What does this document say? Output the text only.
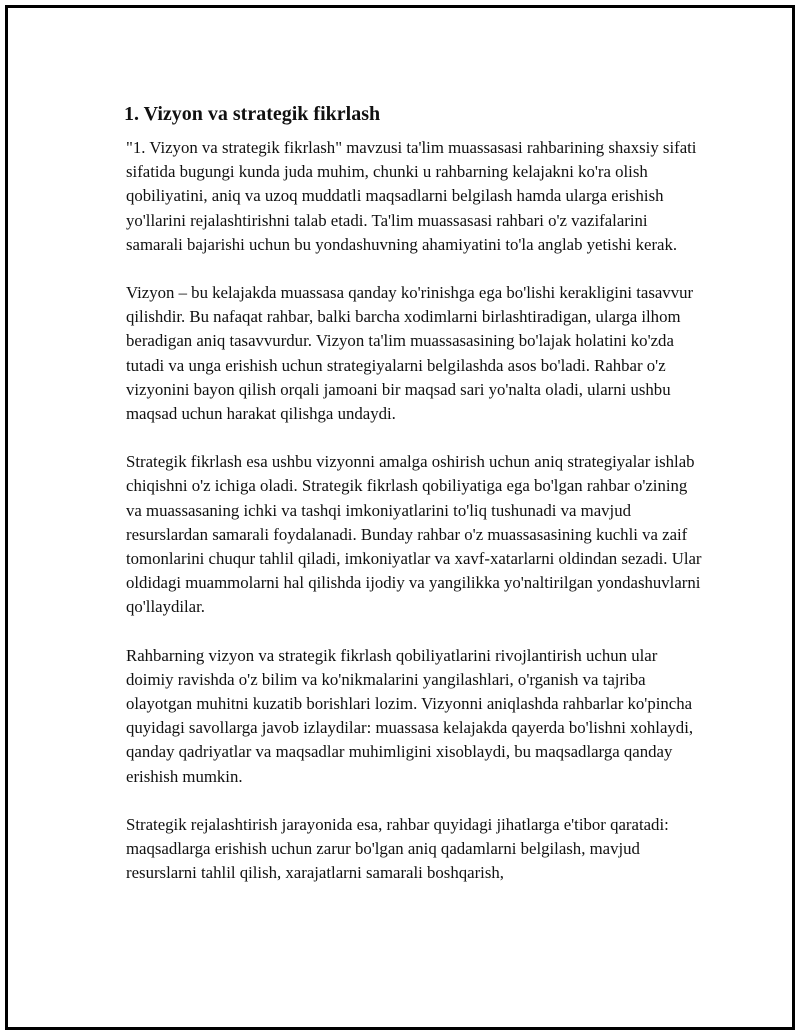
1. Vizyon va strategik fikrlash

"1. Vizyon va strategik fikrlash" mavzusi ta'lim muassasasi rahbarining shaxsiy sifati sifatida bugungi kunda juda muhim, chunki u rahbarning kelajakni ko'ra olish qobiliyatini, aniq va uzoq muddatli maqsadlarni belgilash hamda ularga erishish yo'llarini rejalashtirishni talab etadi. Ta'lim muassasasi rahbari o'z vazifalarini samarali bajarishi uchun bu yondashuvning ahamiyatini to'la anglab yetishi kerak.

Vizyon – bu kelajakda muassasa qanday ko'rinishga ega bo'lishi kerakligini tasavvur qilishdir. Bu nafaqat rahbar, balki barcha xodimlarni birlashtiradigan, ularga ilhom beradigan aniq tasavvurdur. Vizyon ta'lim muassasasining bo'lajak holatini ko'zda tutadi va unga erishish uchun strategiyalarni belgilashda asos bo'ladi. Rahbar o'z vizyonini bayon qilish orqali jamoani bir maqsad sari yo'nalta oladi, ularni ushbu maqsad uchun harakat qilishga undaydi.

Strategik fikrlash esa ushbu vizyonni amalga oshirish uchun aniq strategiyalar ishlab chiqishni o'z ichiga oladi. Strategik fikrlash qobiliyatiga ega bo'lgan rahbar o'zining va muassasaning ichki va tashqi imkoniyatlarini to'liq tushunadi va mavjud resurslardan samarali foydalanadi. Bunday rahbar o'z muassasasining kuchli va zaif tomonlarini chuqur tahlil qiladi, imkoniyatlar va xavf-xatarlarni oldindan sezadi. Ular oldidagi muammolarni hal qilishda ijodiy va yangilikka yo'naltirilgan yondashuvlarni qo'llaydilar.

Rahbarning vizyon va strategik fikrlash qobiliyatlarini rivojlantirish uchun ular doimiy ravishda o'z bilim va ko'nikmalarini yangilashlari, o'rganish va tajriba olayotgan muhitni kuzatib borishlari lozim. Vizyonni aniqlashda rahbarlar ko'pincha quyidagi savollarga javob izlaydilar: muassasa kelajakda qayerda bo'lishni xohlaydi, qanday qadriyatlar va maqsadlar muhimligini xisoblaydi, bu maqsadlarga qanday erishish mumkin.

Strategik rejalashtirish jarayonida esa, rahbar quyidagi jihatlarga e'tibor qaratadi: maqsadlarga erishish uchun zarur bo'lgan aniq qadamlarni belgilash, mavjud resurslarni tahlil qilish, xarajatlarni samarali boshqarish,
